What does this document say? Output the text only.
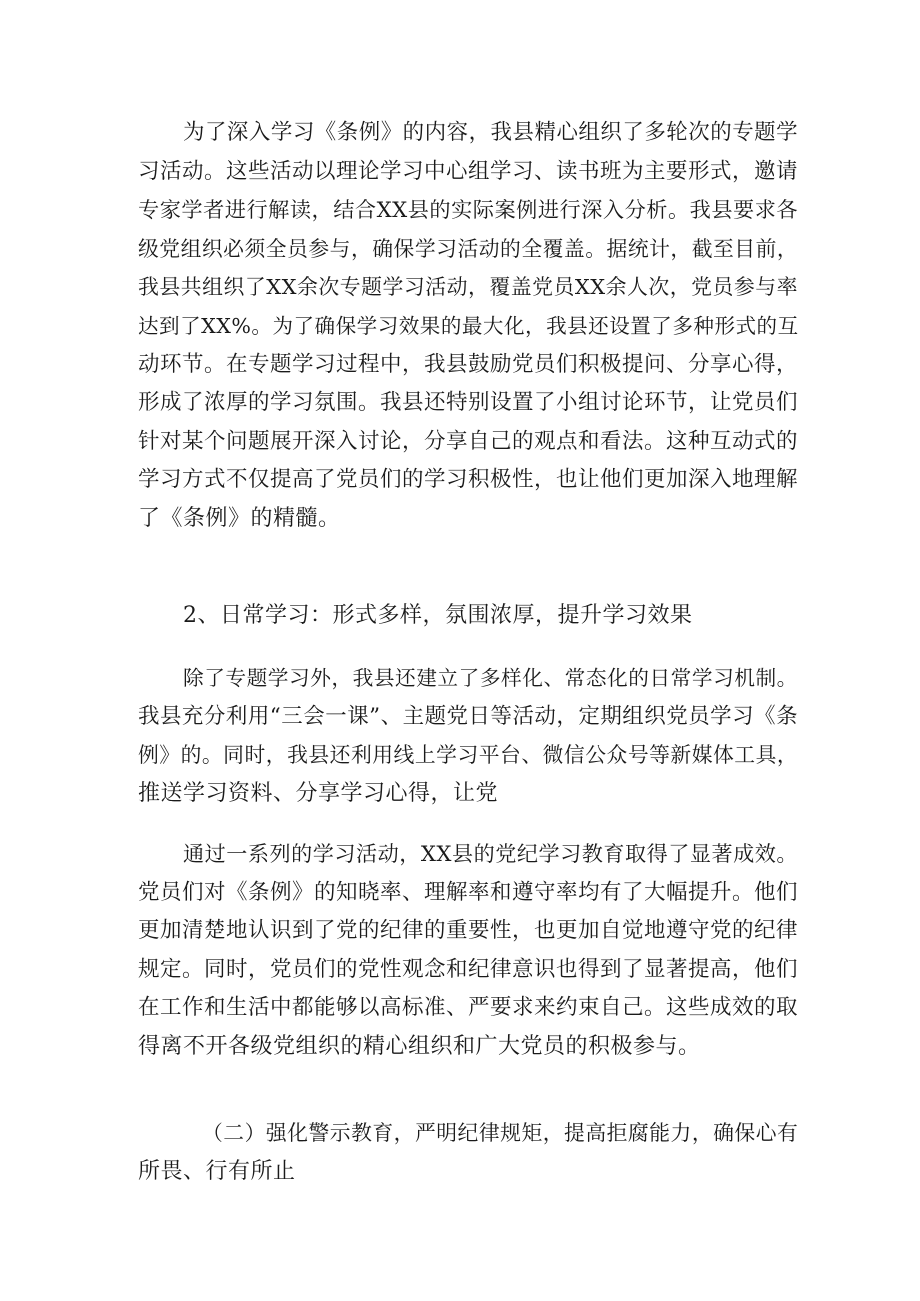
为了深入学习《条例》的内容，我县精心组织了多轮次的专题学
习活动。这些活动以理论学习中心组学习、读书班为主要形式，邀请
专家学者进行解读，结合XX县的实际案例进行深入分析。我县要求各
级党组织必须全员参与，确保学习活动的全覆盖。据统计，截至目前，
我县共组织了XX余次专题学习活动，覆盖党员XX余人次，党员参与率
达到了XX%。为了确保学习效果的最大化，我县还设置了多种形式的互
动环节。在专题学习过程中，我县鼓励党员们积极提问、分享心得，
形成了浓厚的学习氛围。我县还特别设置了小组讨论环节，让党员们
针对某个问题展开深入讨论，分享自己的观点和看法。这种互动式的
学习方式不仅提高了党员们的学习积极性，也让他们更加深入地理解
了《条例》的精髓。
2、日常学习：形式多样，氛围浓厚，提升学习效果
除了专题学习外，我县还建立了多样化、常态化的日常学习机制。
我县充分利用“三会一课”、主题党日等活动，定期组织党员学习《条
例》的。同时，我县还利用线上学习平台、微信公众号等新媒体工具，
推送学习资料、分享学习心得，让党
通过一系列的学习活动，XX县的党纪学习教育取得了显著成效。
党员们对《条例》的知晓率、理解率和遵守率均有了大幅提升。他们
更加清楚地认识到了党的纪律的重要性，也更加自觉地遵守党的纪律
规定。同时，党员们的党性观念和纪律意识也得到了显著提高，他们
在工作和生活中都能够以高标准、严要求来约束自己。这些成效的取
得离不开各级党组织的精心组织和广大党员的积极参与。
（二）强化警示教育，严明纪律规矩，提高拒腐能力，确保心有
所畏、行有所止
